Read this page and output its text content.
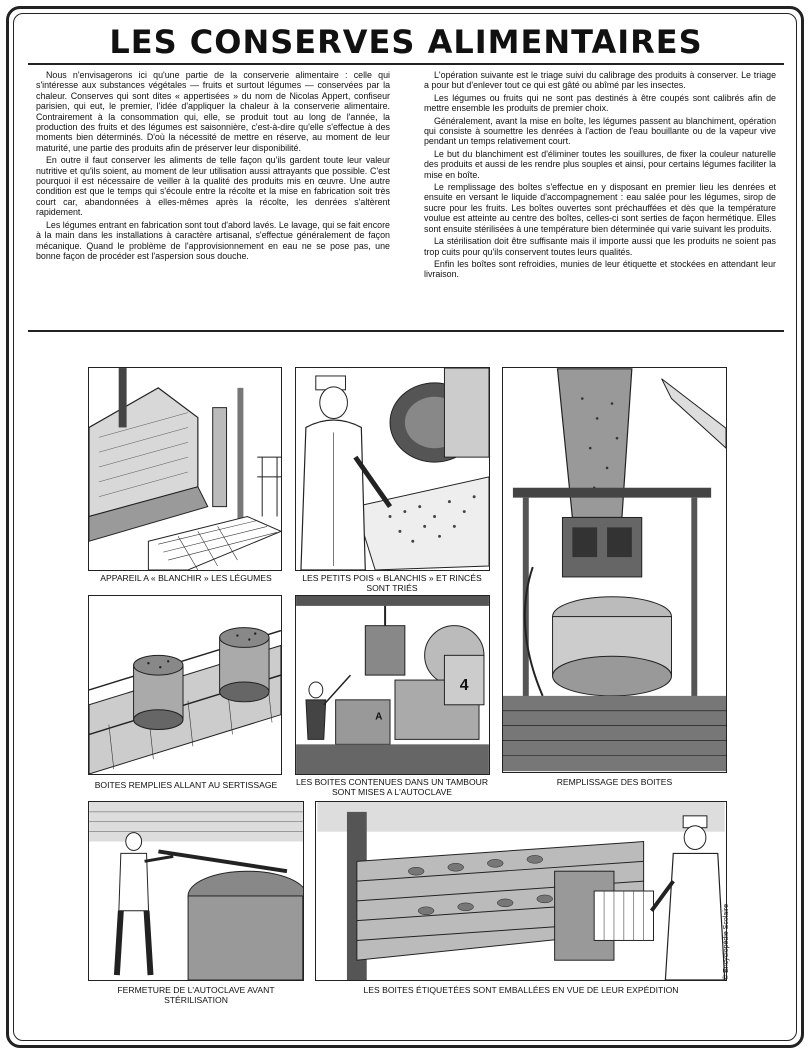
LES CONSERVES ALIMENTAIRES

Nous n'envisagerons ici qu'une partie de la conserverie alimentaire : celle qui s'intéresse aux substances végétales — fruits et surtout légumes — conservées par la chaleur. Conserves qui sont dites « appertisées » du nom de Nicolas Appert, confiseur parisien, qui eut, le premier, l'idée d'appliquer la chaleur à la conserverie alimentaire. Contrairement à la consommation qui, elle, se produit tout au long de l'année, la production des fruits et des légumes est saisonnière, c'est-à-dire qu'elle s'effectue à des moments bien déterminés. D'où la nécessité de mettre en réserve, au moment de leur maturité, une partie des produits afin de préserver leur disponibilité.

En outre il faut conserver les aliments de telle façon qu'ils gardent toute leur valeur nutritive et qu'ils soient, au moment de leur utilisation aussi attrayants que possible. C'est pourquoi il est nécessaire de veiller à la qualité des produits mis en œuvre. Une autre condition est que le temps qui s'écoule entre la récolte et la mise en fabrication soit très court car, abandonnées à elles-mêmes après la récolte, les denrées s'altèrent rapidement.

Les légumes entrant en fabrication sont tout d'abord lavés. Le lavage, qui se fait encore à la main dans les installations à caractère artisanal, s'effectue généralement de façon mécanique. Quand le problème de l'approvisionnement en eau ne se pose pas, une bonne façon de procéder est l'aspersion sous douche.

L'opération suivante est le triage suivi du calibrage des produits à conserver. Le triage a pour but d'enlever tout ce qui est gâté ou abîmé par les insectes.

Les légumes ou fruits qui ne sont pas destinés à être coupés sont calibrés afin de mettre ensemble les produits de premier choix.

Généralement, avant la mise en boîte, les légumes passent au blanchiment, opération qui consiste à soumettre les denrées à l'action de l'eau bouillante ou de la vapeur vive pendant un temps relativement court.

Le but du blanchiment est d'éliminer toutes les souillures, de fixer la couleur naturelle des produits et aussi de les rendre plus souples et ainsi, pour certains légumes faciliter la mise en boîte.

Le remplissage des boîtes s'effectue en y disposant en premier lieu les denrées et ensuite en versant le liquide d'accompagnement : eau salée pour les légumes, sirop de sucre pour les fruits. Les boîtes ouvertes sont préchauffées et dès que la température voulue est atteinte au centre des boîtes, celles-ci sont serties de façon hermétique. Elles sont ensuite stérilisées à une température bien déterminée qui varie suivant les produits.

La stérilisation doit être suffisante mais il importe aussi que les produits ne soient pas trop cuits pour qu'ils conservent toutes leurs qualités.

Enfin les boîtes sont refroidies, munies de leur étiquette et stockées en attendant leur livraison.

APPAREIL A « BLANCHIR » LES LÉGUMES	LES PETITS POIS « BLANCHIS » ET RINCÉS SONT TRIÉS
REMPLISSAGE DES BOITES
BOITES REMPLIES ALLANT AU SERTISSAGE
4
A
LES BOITES CONTENUES DANS UN TAMBOUR SONT MISES A L'AUTOCLAVE
FERMETURE DE L'AUTOCLAVE AVANT STÉRILISATION
LES BOITES ÉTIQUETÉES SONT EMBALLÉES EN VUE DE LEUR EXPÉDITION
© Encyclopédie Scolaire
